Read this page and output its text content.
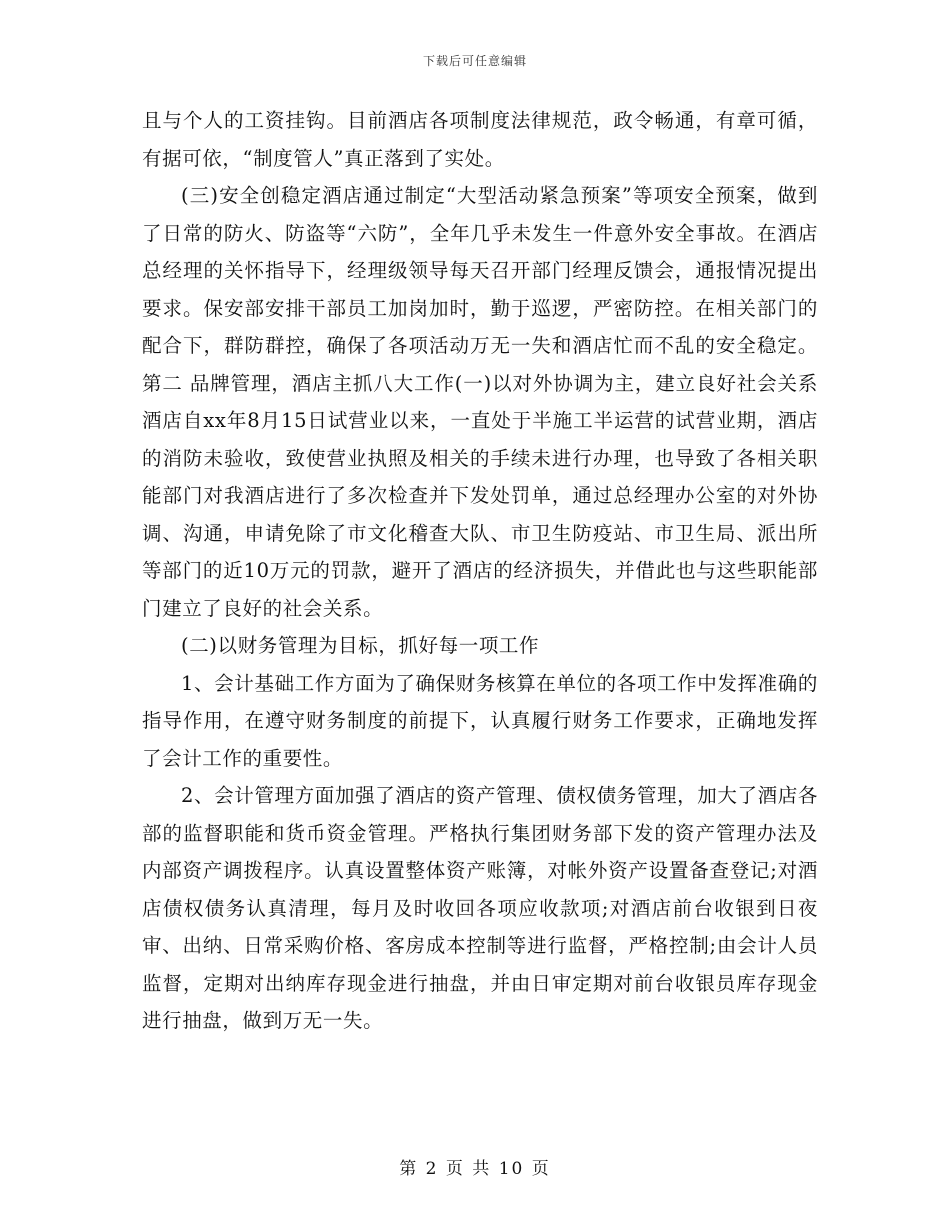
下载后可任意编辑

且与个人的工资挂钩。目前酒店各项制度法律规范，政令畅通，有章可循，有据可依，“制度管人”真正落到了实处。

(三)安全创稳定酒店通过制定“大型活动紧急预案”等项安全预案，做到了日常的防火、防盗等“六防”，全年几乎未发生一件意外安全事故。在酒店总经理的关怀指导下，经理级领导每天召开部门经理反馈会，通报情况提出要求。保安部安排干部员工加岗加时，勤于巡逻，严密防控。在相关部门的配合下，群防群控，确保了各项活动万无一失和酒店忙而不乱的安全稳定。第二 品牌管理，酒店主抓八大工作(一)以对外协调为主，建立良好社会关系酒店自xx年8月15日试营业以来，一直处于半施工半运营的试营业期，酒店的消防未验收，致使营业执照及相关的手续未进行办理，也导致了各相关职能部门对我酒店进行了多次检查并下发处罚单，通过总经理办公室的对外协调、沟通，申请免除了市文化稽查大队、市卫生防疫站、市卫生局、派出所等部门的近10万元的罚款，避开了酒店的经济损失，并借此也与这些职能部门建立了良好的社会关系。

(二)以财务管理为目标，抓好每一项工作

1、会计基础工作方面为了确保财务核算在单位的各项工作中发挥准确的指导作用，在遵守财务制度的前提下，认真履行财务工作要求，正确地发挥了会计工作的重要性。

2、会计管理方面加强了酒店的资产管理、债权债务管理，加大了酒店各部的监督职能和货币资金管理。严格执行集团财务部下发的资产管理办法及内部资产调拨程序。认真设置整体资产账簿，对帐外资产设置备查登记;对酒店债权债务认真清理，每月及时收回各项应收款项;对酒店前台收银到日夜审、出纳、日常采购价格、客房成本控制等进行监督，严格控制;由会计人员监督，定期对出纳库存现金进行抽盘，并由日审定期对前台收银员库存现金进行抽盘，做到万无一失。

第 2 页 共 10 页
